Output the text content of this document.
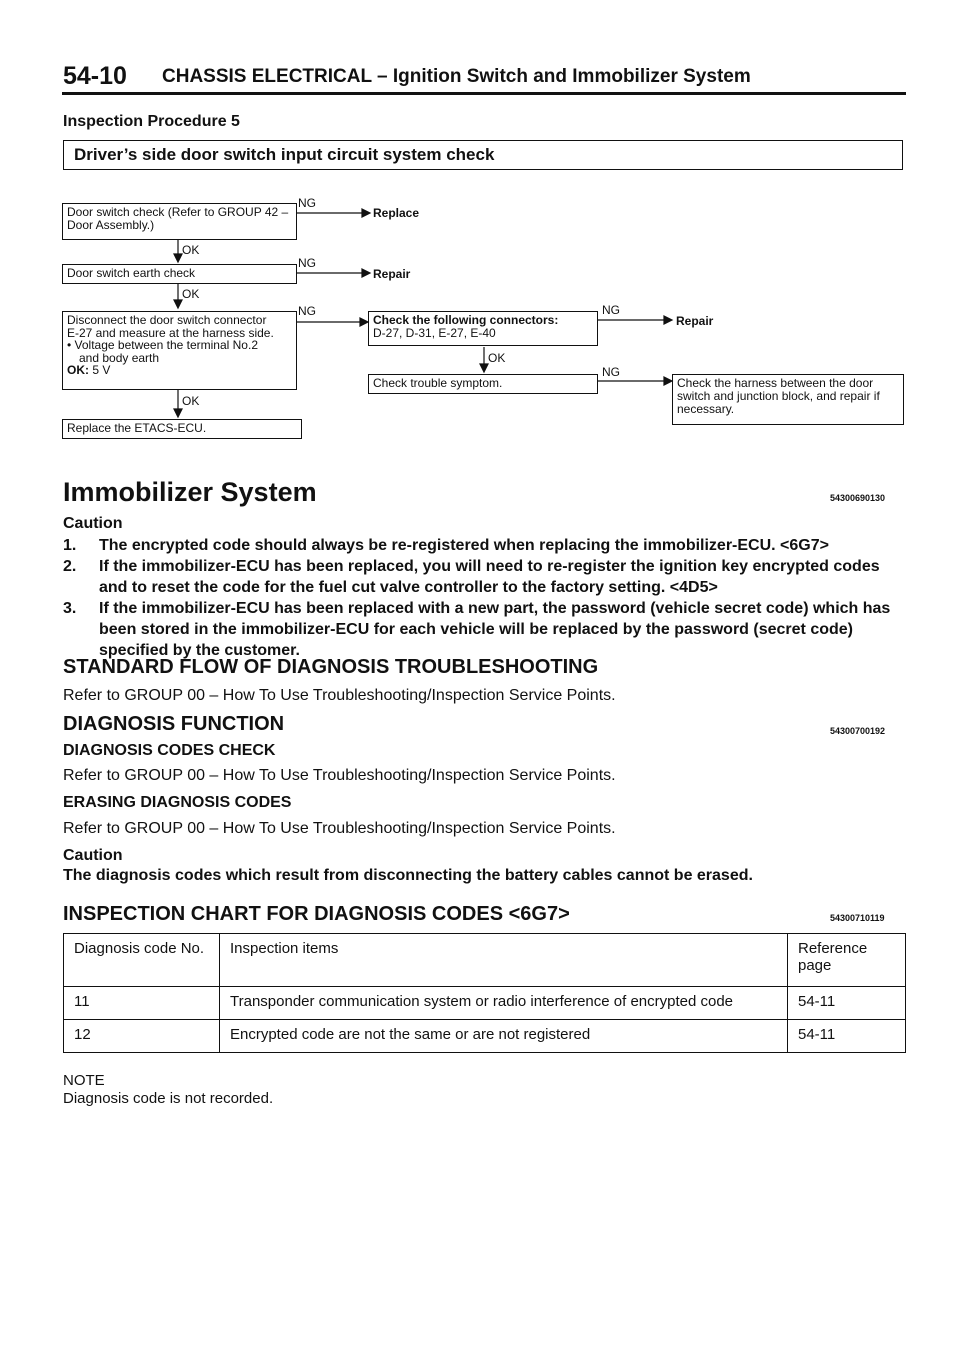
54-10 CHASSIS ELECTRICAL – Ignition Switch and Immobilizer System
Inspection Procedure 5
Driver’s side door switch input circuit system check
Door switch check (Refer to GROUP 42 – Door Assembly.)
NG
Replace
OK
Door switch earth check
NG
Repair
OK
Disconnect the door switch connector
E-27 and measure at the harness side.
• Voltage between the terminal No.2
and body earth
OK: 5 V
NG
OK
Replace the ETACS-ECU.
Check the following connectors:
D-27, D-31, E-27, E-40
NG
Repair
OK
Check trouble symptom.
NG
Check the harness between the door switch and junction block, and repair if necessary.
Immobilizer System	54300690130
Caution
1. The encrypted code should always be re-registered when replacing the immobilizer-ECU. <6G7>
2. If the immobilizer-ECU has been replaced, you will need to re-register the ignition key encrypted codes and to reset the code for the fuel cut valve controller to the factory setting. <4D5>
3. If the immobilizer-ECU has been replaced with a new part, the password (vehicle secret code) which has been stored in the immobilizer-ECU for each vehicle will be replaced by the password (secret code) specified by the customer.
STANDARD FLOW OF DIAGNOSIS TROUBLESHOOTING
Refer to GROUP 00 – How To Use Troubleshooting/Inspection Service Points.
DIAGNOSIS FUNCTION	54300700192
DIAGNOSIS CODES CHECK
Refer to GROUP 00 – How To Use Troubleshooting/Inspection Service Points.
ERASING DIAGNOSIS CODES
Refer to GROUP 00 – How To Use Troubleshooting/Inspection Service Points.
Caution
The diagnosis codes which result from disconnecting the battery cables cannot be erased.
INSPECTION CHART FOR DIAGNOSIS CODES <6G7>	54300710119
Diagnosis code No.	Inspection items	Reference page
11	Transponder communication system or radio interference of encrypted code	54-11
12	Encrypted code are not the same or are not registered	54-11
NOTE
Diagnosis code is not recorded.
